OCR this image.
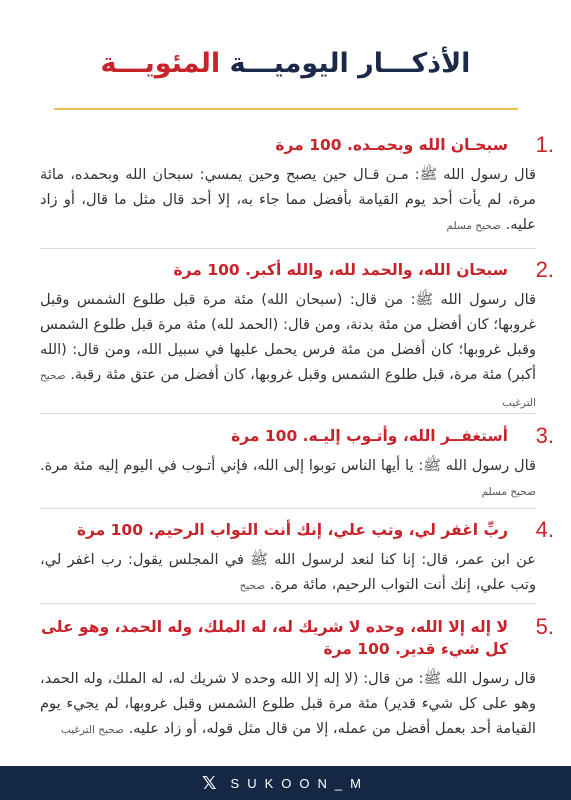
الأذكـــار اليوميـــة المئويـــة
1.
سبحـان الله وبحمـده. 100 مرة
قال رسول الله ﷺ: مـن قـال حين يصبح وحين يمسي: سبحان الله وبحمده، مائة مرة، لم يأت أحد يوم القيامة بأفضل مما جاء به، إلا أحد قال مثل ما قال، أو زاد عليه. صحيح مسلم
2.
سبحان الله، والحمد لله، والله أكبر. 100 مرة
قال رسول الله ﷺ: من قال: (سبحان الله) مئة مرة قبل طلوع الشمس وقبل غروبها؛ كان أفضل من مئة بدنة، ومن قال: (الحمد لله) مئة مرة قبل طلوع الشمس وقبل غروبها؛ كان أفضل من مئة فرس يحمل عليها في سبيل الله، ومن قال: (الله أكبر) مئة مرة، قبل طلوع الشمس وقبل غروبها، كان أفضل من عتق مئة رقبة. صحيح الترغيب
3.
أستغفــر الله، وأتـوب إليـه. 100 مرة
قال رسول الله ﷺ: يا أيها الناس توبوا إلى الله، فإني أتـوب في اليوم إليه مئة مرة. صحيح مسلم
4.
ربِّ اغفر لي، وتب علي، إنك أنت التواب الرحيم. 100 مرة
عن ابن عمر، قال: إنا كنا لنعد لرسول الله ﷺ في المجلس يقول: رب اغفر لي، وتب علي، إنك أنت التواب الرحيم، مائة مرة. صحيح
5.
لا إله إلا الله، وحده لا شريك له، له الملك، وله الحمد، وهو على كل شيء قدير. 100 مرة
قال رسول الله ﷺ: من قال: (لا إله إلا الله وحده لا شريك له، له الملك، وله الحمد، وهو على كل شيء قدير) مئة مرة قبل طلوع الشمس وقبل غروبها، لم يجيء يوم القيامة أحد بعمل أفضل من عمله، إلا من قال مثل قوله، أو زاد عليه. صحيح الترغيب
𝕏 SUKOON_M
